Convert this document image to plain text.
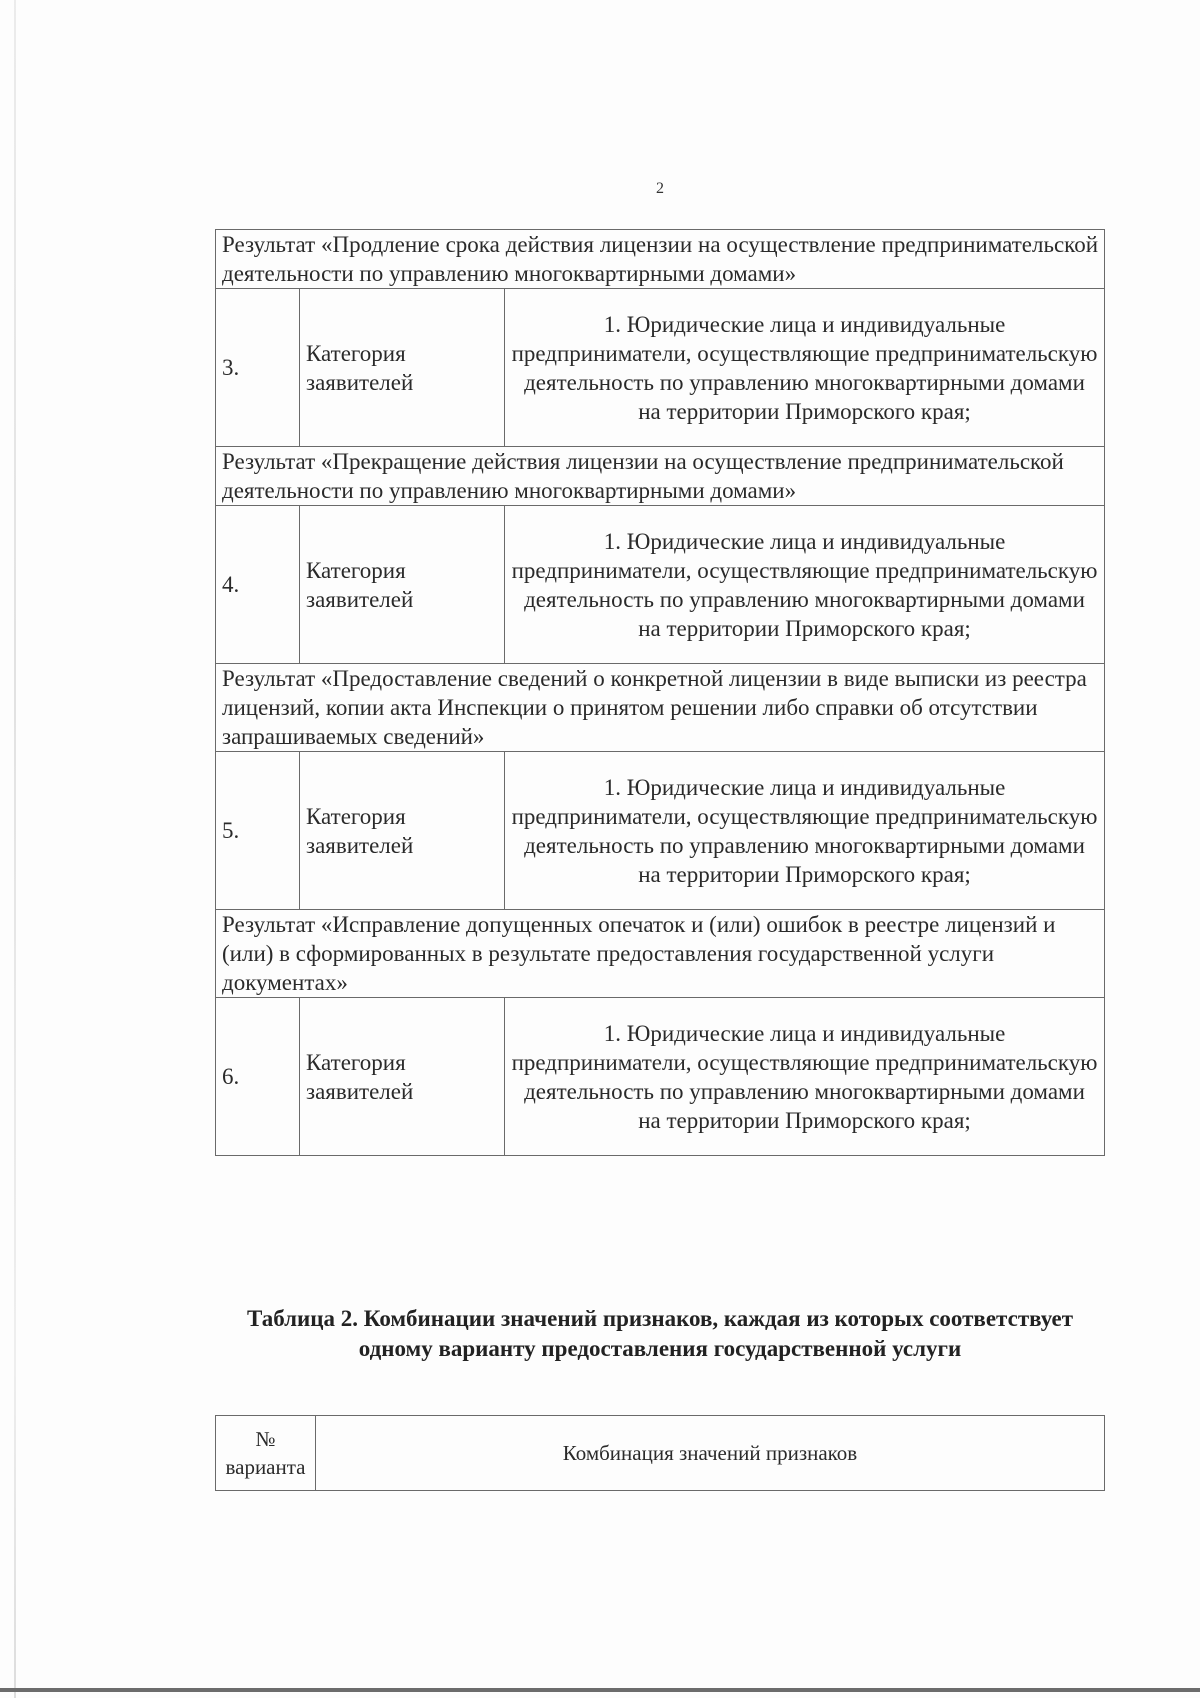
2
Результат «Продление срока действия лицензии на осуществление предпринимательской деятельности по управлению многоквартирными домами»		

3.	Категория заявителей	1. Юридические лица и индивидуальные предприниматели, осуществляющие предпринимательскую деятельность по управлению многоквартирными домами на территории Приморского края;

Результат «Прекращение действия лицензии на осуществление предпринимательской деятельности по управлению многоквартирными домами»		

4.	Категория заявителей	1. Юридические лица и индивидуальные предприниматели, осуществляющие предпринимательскую деятельность по управлению многоквартирными домами на территории Приморского края;

Результат «Предоставление сведений о конкретной лицензии в виде выписки из реестра лицензий, копии акта Инспекции о принятом решении либо справки об отсутствии запрашиваемых сведений»		

5.	Категория заявителей	1. Юридические лица и индивидуальные предприниматели, осуществляющие предпринимательскую деятельность по управлению многоквартирными домами на территории Приморского края;

Результат «Исправление допущенных опечаток и (или) ошибок в реестре лицензий и (или) в сформированных в результате предоставления государственной услуги документах»		

6.	Категория заявителей	1. Юридические лица и индивидуальные предприниматели, осуществляющие предпринимательскую деятельность по управлению многоквартирными домами на территории Приморского края;
Таблица 2. Комбинации значений признаков, каждая из которых соответствует одному варианту предоставления государственной услуги
№ варианта	Комбинация значений признаков
